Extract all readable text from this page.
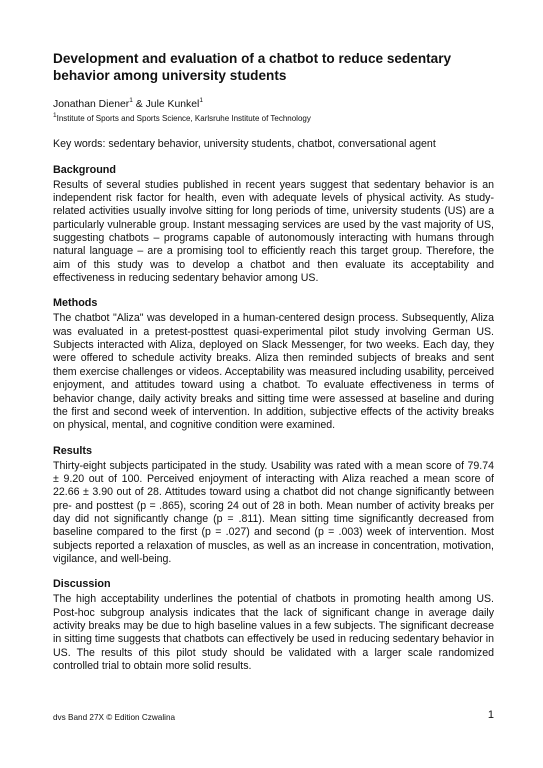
Development and evaluation of a chatbot to reduce sedentary behavior among university students
Jonathan Diener$^1$ & Jule Kunkel$^1$
$^1$Institute of Sports and Sports Science, Karlsruhe Institute of Technology
Key words: sedentary behavior, university students, chatbot, conversational agent
Background

Results of several studies published in recent years suggest that sedentary behavior is an independent risk factor for health, even with adequate levels of physical activity. As study-related activities usually involve sitting for long periods of time, university students (US) are a particularly vulnerable group. Instant messaging services are used by the vast majority of US, suggesting chatbots – programs capable of autonomously interacting with humans through natural language – are a promising tool to efficiently reach this target group. Therefore, the aim of this study was to develop a chatbot and then evaluate its acceptability and effectiveness in reducing sedentary behavior among US.

Methods

The chatbot "Aliza" was developed in a human-centered design process. Subsequently, Aliza was evaluated in a pretest-posttest quasi-experimental pilot study involving German US. Subjects interacted with Aliza, deployed on Slack Messenger, for two weeks. Each day, they were offered to schedule activity breaks. Aliza then reminded subjects of breaks and sent them exercise challenges or videos. Acceptability was measured including usability, perceived enjoyment, and attitudes toward using a chatbot. To evaluate effectiveness in terms of behavior change, daily activity breaks and sitting time were assessed at baseline and during the first and second week of intervention. In addition, subjective effects of the activity breaks on physical, mental, and cognitive condition were examined.

Results

Thirty-eight subjects participated in the study. Usability was rated with a mean score of 79.74 ± 9.20 out of 100. Perceived enjoyment of interacting with Aliza reached a mean score of 22.66 ± 3.90 out of 28. Attitudes toward using a chatbot did not change significantly between pre- and posttest (p = .865), scoring 24 out of 28 in both. Mean number of activity breaks per day did not significantly change (p = .811). Mean sitting time significantly decreased from baseline compared to the first (p = .027) and second (p = .003) week of intervention. Most subjects reported a relaxation of muscles, as well as an increase in concentration, motivation, vigilance, and well-being.

Discussion

The high acceptability underlines the potential of chatbots in promoting health among US. Post-hoc subgroup analysis indicates that the lack of significant change in average daily activity breaks may be due to high baseline values in a few subjects. The significant decrease in sitting time suggests that chatbots can effectively be used in reducing sedentary behavior in US. The results of this pilot study should be validated with a larger scale randomized controlled trial to obtain more solid results.

dvs Band 27X © Edition Czwalina	1
